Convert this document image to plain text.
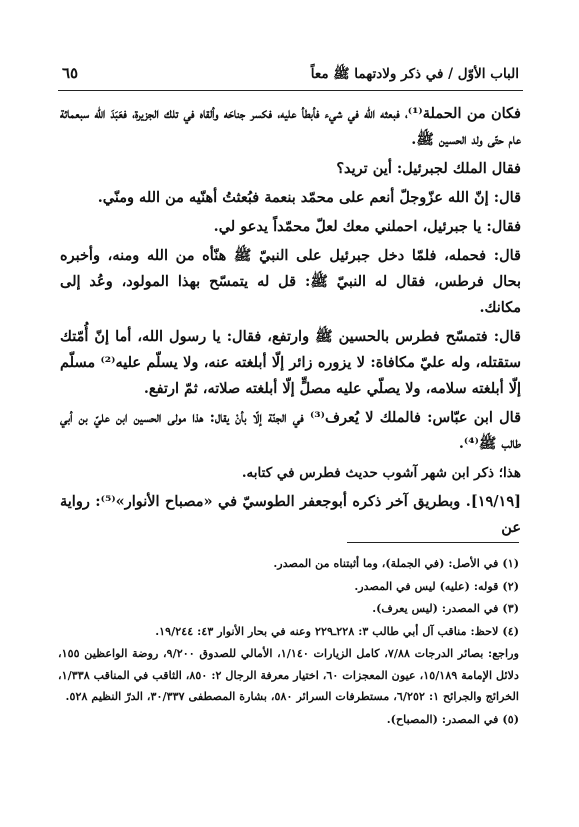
الباب الأوّل / في ذكر ولادتهما ﷺ معاً
٦٥

فكان من الحملة⁽¹⁾، فبعثه الله في شيء فأبطأ عليه، فكسر جناحَه وألقاه في تلك الجزيرة، فعَبَدَ الله سبعمائة عام حتّى ولد الحسين ﷺ.

فقال الملك لجبرئيل: أين تريد؟

قال: إنّ الله عزّوجلّ أنعم على محمّد بنعمة فبُعثتُ أهنّيه من الله ومنّي.

فقال: يا جبرئيل، احملني معك لعلّ محمّداً يدعو لي.

قال: فحمله، فلمّا دخل جبرئيل على النبيّ ﷺ هنّأه من الله ومنه، وأخبره بحال فرطس، فقال له النبيّ ﷺ: قل له يتمسّح بهذا المولود، وعُد إلى مكانك.

قال: فتمسّح فطرس بالحسين ﷺ وارتفع، فقال: يا رسول الله، أما إنّ أُمّتك ستقتله، وله عليّ مكافاة: لا يزوره زائر إلّا أبلغته عنه، ولا يسلّم عليه⁽²⁾ مسلّم إلّا أبلغته سلامه، ولا يصلّي عليه مصلٍّ إلّا أبلغته صلاته، ثمّ ارتفع.

قال ابن عبّاس: فالملك لا يُعرف⁽³⁾ في الجنّة إلّا بأنْ يقال: هذا مولى الحسين ابن عليّ بن أبي طالب ﷺ⁽⁴⁾.

هذا؛ ذكر ابن شهر آشوب حديث فطرس في كتابه.

[١٩/١٩]. وبطريق آخر ذكره أبوجعفر الطوسيّ في «مصباح الأنوار»⁽⁵⁾: رواية عن

(١) في الأصل: (في الجملة)، وما أثبتناه من المصدر.

(٢) قوله: (عليه) ليس في المصدر.

(٣) في المصدر: (ليس يعرف).

(٤) لاحظ: مناقب آل أبي طالب ٣: ٢٢٨ـ٢٢٩ وعنه في بحار الأنوار ٤٣: ١٩/٢٤٤.

وراجع: بصائر الدرجات ٧/٨٨، كامل الزيارات ١/١٤٠، الأمالي للصدوق ٩/٢٠٠، روضة الواعظين ١٥٥، دلائل الإمامة ١٥/١٨٩، عيون المعجزات ٦٠، اختيار معرفة الرجال ٢: ٨٥٠، الثاقب في المناقب ١/٣٣٨، الخرائج والجرائح ١: ٦/٢٥٢، مستطرفات السرائر ٥٨٠، بشارة المصطفى ٣٠/٣٣٧، الدرّ النظيم ٥٢٨.

(٥) في المصدر: (المصباح).
